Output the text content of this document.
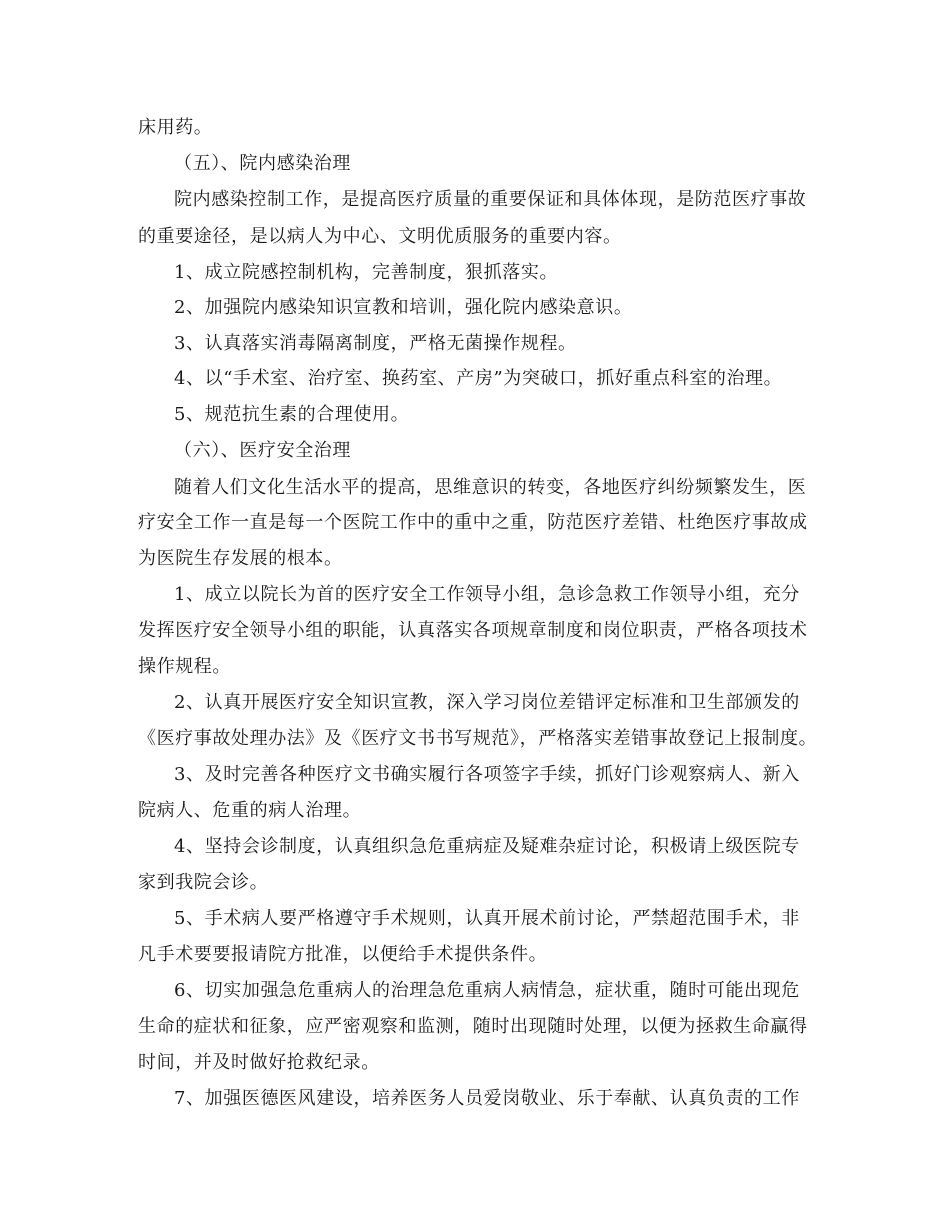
床用药。
（五）、院内感染治理
院内感染控制工作，是提高医疗质量的重要保证和具体体现，是防范医疗事故
的重要途径，是以病人为中心、文明优质服务的重要内容。
1、成立院感控制机构，完善制度，狠抓落实。
2、加强院内感染知识宣教和培训，强化院内感染意识。
3、认真落实消毒隔离制度，严格无菌操作规程。
4、以“手术室、治疗室、换药室、产房”为突破口，抓好重点科室的治理。
5、规范抗生素的合理使用。
（六）、医疗安全治理
随着人们文化生活水平的提高，思维意识的转变，各地医疗纠纷频繁发生，医
疗安全工作一直是每一个医院工作中的重中之重，防范医疗差错、杜绝医疗事故成
为医院生存发展的根本。
1、成立以院长为首的医疗安全工作领导小组，急诊急救工作领导小组，充分
发挥医疗安全领导小组的职能，认真落实各项规章制度和岗位职责，严格各项技术
操作规程。
2、认真开展医疗安全知识宣教，深入学习岗位差错评定标准和卫生部颁发的
《医疗事故处理办法》及《医疗文书书写规范》，严格落实差错事故登记上报制度。
3、及时完善各种医疗文书确实履行各项签字手续，抓好门诊观察病人、新入
院病人、危重的病人治理。
4、坚持会诊制度，认真组织急危重病症及疑难杂症讨论，积极请上级医院专
家到我院会诊。
5、手术病人要严格遵守手术规则，认真开展术前讨论，严禁超范围手术，非
凡手术要要报请院方批准，以便给手术提供条件。
6、切实加强急危重病人的治理急危重病人病情急，症状重，随时可能出现危
生命的症状和征象，应严密观察和监测，随时出现随时处理，以便为拯救生命赢得
时间，并及时做好抢救纪录。
7、加强医德医风建设，培养医务人员爱岗敬业、乐于奉献、认真负责的工作
